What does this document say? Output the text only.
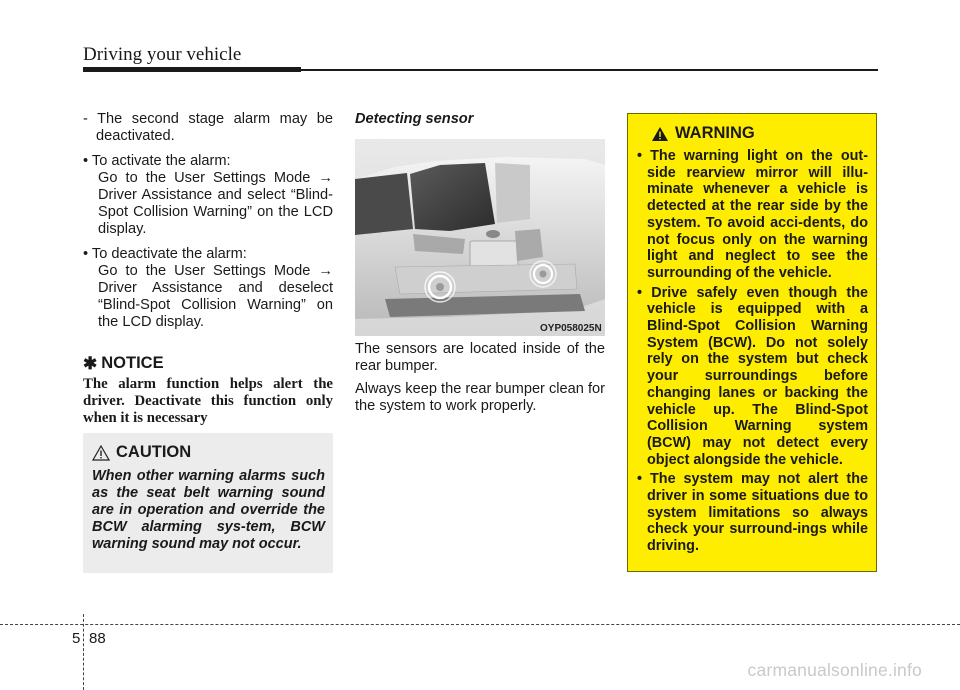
Driving your vehicle

- The second stage alarm may be deactivated.

• To activate the alarm:

Go to the User Settings Mode → Driver Assistance and select “Blind-Spot Collision Warning” on the LCD display.

• To deactivate the alarm:

Go to the User Settings Mode → Driver Assistance and deselect “Blind-Spot Collision Warning” on the LCD display.

✱ NOTICE

The alarm function helps alert the driver. Deactivate this function only when it is necessary

CAUTION

When other warning alarms such as the seat belt warning sound are in operation and override the BCW alarming sys-tem, BCW warning sound may not occur.

Detecting sensor

OYP058025N

The sensors are located inside of the rear bumper.

Always keep the rear bumper clean for the system to work properly.

WARNING

• The warning light on the out-side rearview mirror will illu-minate whenever a vehicle is detected at the rear side by the system. To avoid acci-dents, do not focus only on the warning light and neglect to see the surrounding of the vehicle.

• Drive safely even though the vehicle is equipped with a Blind-Spot Collision Warning System (BCW). Do not solely rely on the system but check your surroundings before changing lanes or backing the vehicle up. The Blind-Spot Collision Warning system (BCW) may not detect every object alongside the vehicle.

• The system may not alert the driver in some situations due to system limitations so always check your surround-ings while driving.

5 88
carmanualsonline.info
